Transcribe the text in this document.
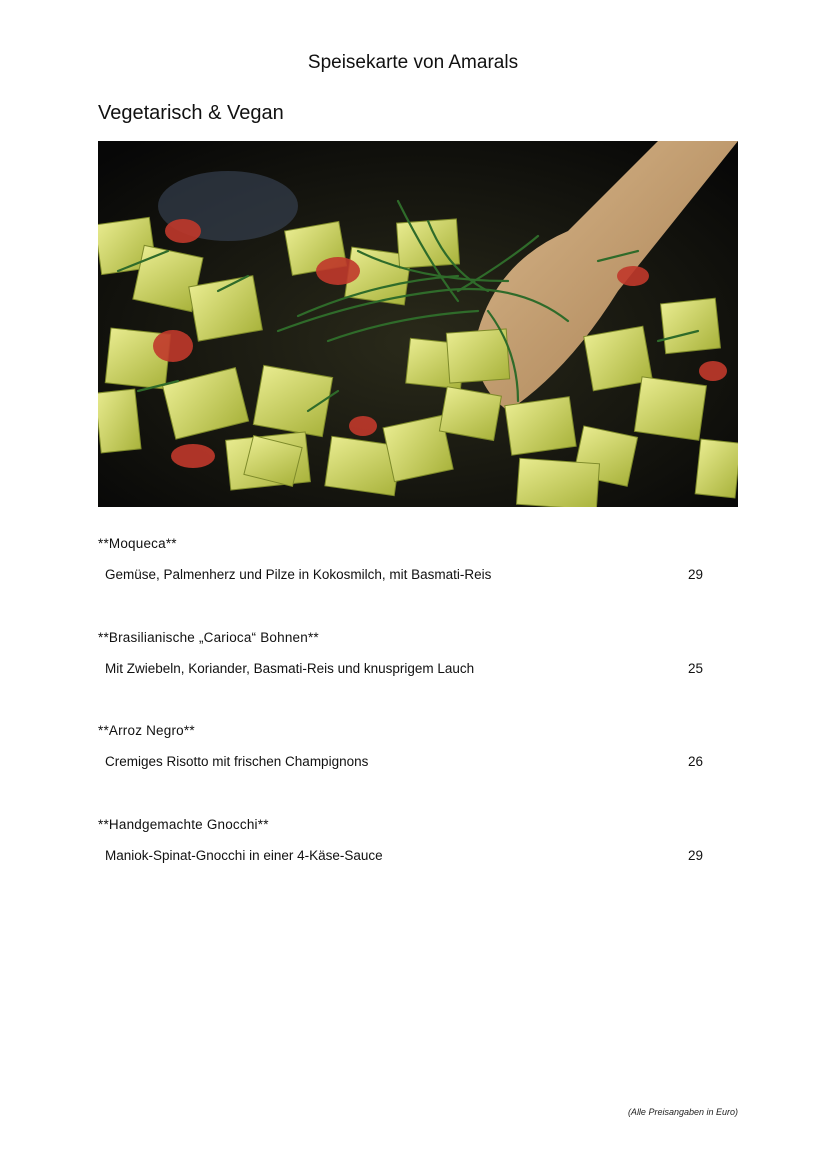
Speisekarte von Amarals
Vegetarisch & Vegan
**Moqueca**
Gemüse, Palmenherz und Pilze in Kokosmilch, mit Basmati-Reis	29
**Brasilianische „Carioca“ Bohnen**
Mit Zwiebeln, Koriander, Basmati-Reis und knusprigem Lauch	25
**Arroz Negro**
Cremiges Risotto mit frischen Champignons	26
**Handgemachte Gnocchi**
Maniok-Spinat-Gnocchi in einer 4-Käse-Sauce	29
(Alle Preisangaben in Euro)
